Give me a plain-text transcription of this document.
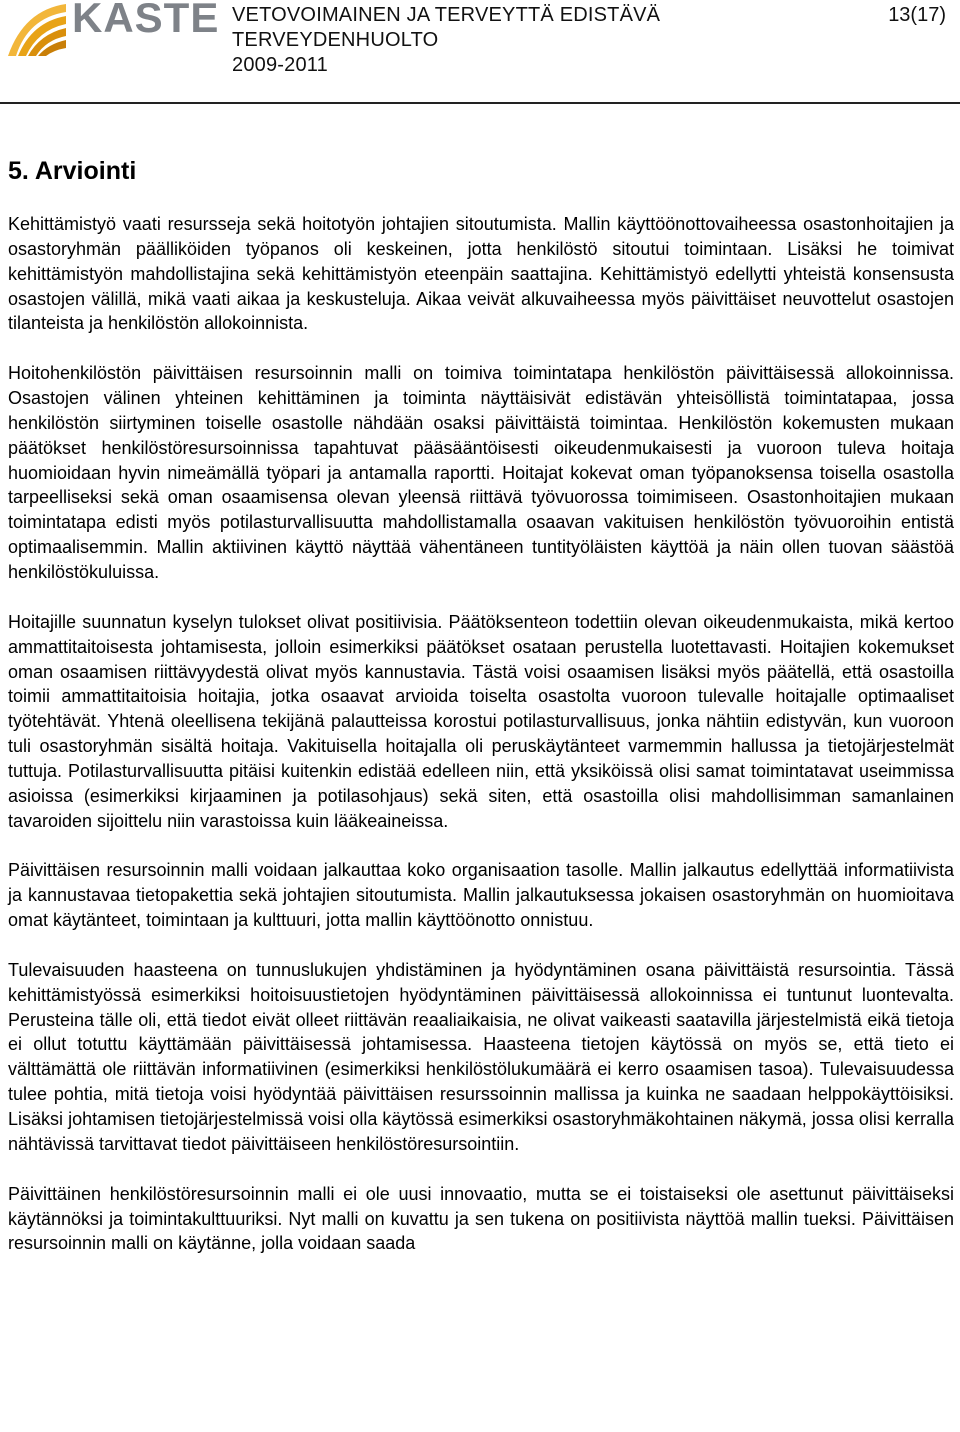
KASTE VETOVOIMAINEN JA TERVEYTTÄ EDISTÄVÄ
TERVEYDENHUOLTO
2009-2011
13(17)
5. Arviointi

Kehittämistyö vaati resursseja sekä hoitotyön johtajien sitoutumista. Mallin käyttöönottovaiheessa osastonhoitajien ja osastoryhmän päälliköiden työpanos oli keskeinen, jotta henkilöstö sitoutui toimintaan. Lisäksi he toimivat kehittämistyön mahdollistajina sekä kehittämistyön eteenpäin saattajina. Kehittämistyö edellytti yhteistä konsensusta osastojen välillä, mikä vaati aikaa ja keskusteluja. Aikaa veivät alkuvaiheessa myös päivittäiset neuvottelut osastojen tilanteista ja henkilöstön allokoinnista.

Hoitohenkilöstön päivittäisen resursoinnin malli on toimiva toimintatapa henkilöstön päivittäisessä allokoinnissa. Osastojen välinen yhteinen kehittäminen ja toiminta näyttäisivät edistävän yhteisöllistä toimintatapaa, jossa henkilöstön siirtyminen toiselle osastolle nähdään osaksi päivittäistä toimintaa. Henkilöstön kokemusten mukaan päätökset henkilöstöresursoinnissa tapahtuvat pääsääntöisesti oikeudenmukaisesti ja vuoroon tuleva hoitaja huomioidaan hyvin nimeämällä työpari ja antamalla raportti. Hoitajat kokevat oman työpanoksensa toisella osastolla tarpeelliseksi sekä oman osaamisensa olevan yleensä riittävä työvuorossa toimimiseen. Osastonhoitajien mukaan toimintatapa edisti myös potilasturvallisuutta mahdollistamalla osaavan vakituisen henkilöstön työvuoroihin entistä optimaalisemmin. Mallin aktiivinen käyttö näyttää vähentäneen tuntityöläisten käyttöä ja näin ollen tuovan säästöä henkilöstökuluissa.

Hoitajille suunnatun kyselyn tulokset olivat positiivisia. Päätöksenteon todettiin olevan oikeudenmukaista, mikä kertoo ammattitaitoisesta johtamisesta, jolloin esimerkiksi päätökset osataan perustella luotettavasti. Hoitajien kokemukset oman osaamisen riittävyydestä olivat myös kannustavia. Tästä voisi osaamisen lisäksi myös päätellä, että osastoilla toimii ammattitaitoisia hoitajia, jotka osaavat arvioida toiselta osastolta vuoroon tulevalle hoitajalle optimaaliset työtehtävät. Yhtenä oleellisena tekijänä palautteissa korostui potilasturvallisuus, jonka nähtiin edistyvän, kun vuoroon tuli osastoryhmän sisältä hoitaja. Vakituisella hoitajalla oli peruskäytänteet varmemmin hallussa ja tietojärjestelmät tuttuja. Potilasturvallisuutta pitäisi kuitenkin edistää edelleen niin, että yksiköissä olisi samat toimintatavat useimmissa asioissa (esimerkiksi kirjaaminen ja potilasohjaus) sekä siten, että osastoilla olisi mahdollisimman samanlainen tavaroiden sijoittelu niin varastoissa kuin lääkeaineissa.

Päivittäisen resursoinnin malli voidaan jalkauttaa koko organisaation tasolle. Mallin jalkautus edellyttää informatiivista ja kannustavaa tietopakettia sekä johtajien sitoutumista. Mallin jalkautuksessa jokaisen osastoryhmän on huomioitava omat käytänteet, toimintaan ja kulttuuri, jotta mallin käyttöönotto onnistuu.

Tulevaisuuden haasteena on tunnuslukujen yhdistäminen ja hyödyntäminen osana päivittäistä resursointia. Tässä kehittämistyössä esimerkiksi hoitoisuustietojen hyödyntäminen päivittäisessä allokoinnissa ei tuntunut luontevalta. Perusteina tälle oli, että tiedot eivät olleet riittävän reaaliaikaisia, ne olivat vaikeasti saatavilla järjestelmistä eikä tietoja ei ollut totuttu käyttämään päivittäisessä johtamisessa. Haasteena tietojen käytössä on myös se, että tieto ei välttämättä ole riittävän informatiivinen (esimerkiksi henkilöstölukumäärä ei kerro osaamisen tasoa). Tulevaisuudessa tulee pohtia, mitä tietoja voisi hyödyntää päivittäisen resurssoinnin mallissa ja kuinka ne saadaan helppokäyttöisiksi. Lisäksi johtamisen tietojärjestelmissä voisi olla käytössä esimerkiksi osastoryhmäkohtainen näkymä, jossa olisi kerralla nähtävissä tarvittavat tiedot päivittäiseen henkilöstöresursointiin.

Päivittäinen henkilöstöresursoinnin malli ei ole uusi innovaatio, mutta se ei toistaiseksi ole asettunut päivittäiseksi käytännöksi ja toimintakulttuuriksi. Nyt malli on kuvattu ja sen tukena on positiivista näyttöä mallin tueksi. Päivittäisen resursoinnin malli on käytänne, jolla voidaan saada
